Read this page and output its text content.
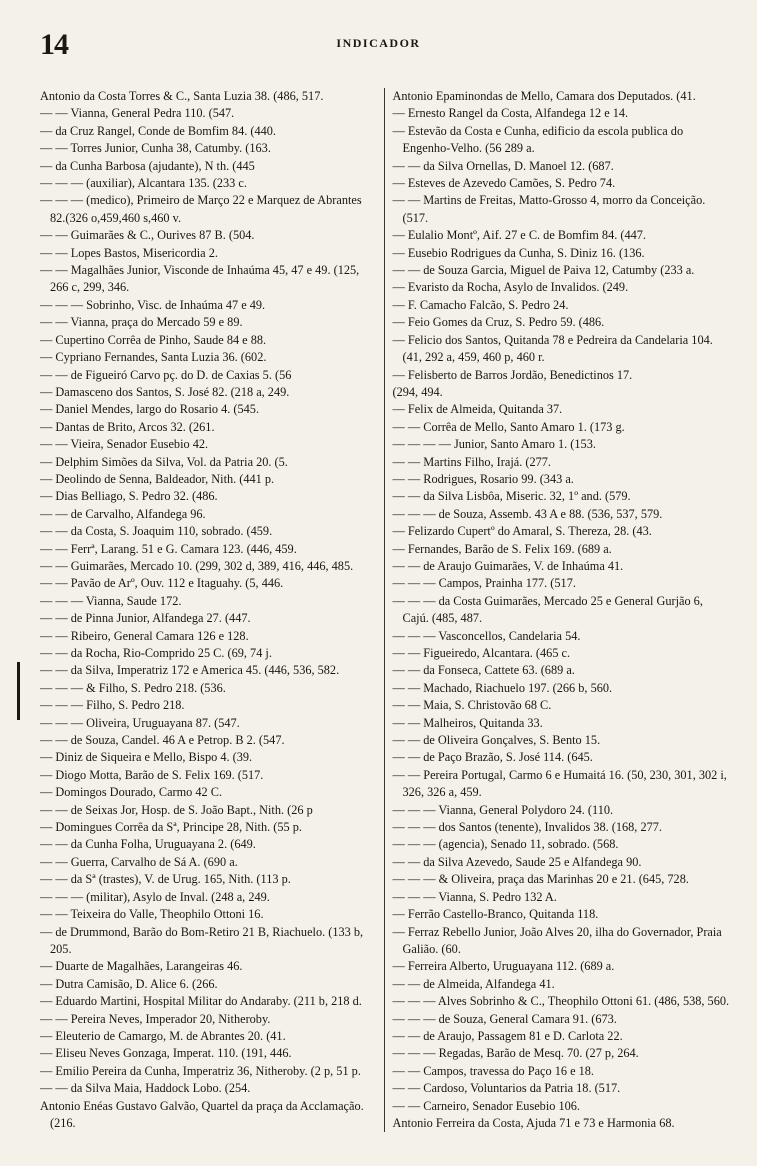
14	INDICADOR

Antonio da Costa Torres & C., Santa Luzia 38. (486, 517.

— — Vianna, General Pedra 110. (547.

— da Cruz Rangel, Conde de Bomfim 84. (440.

— — Torres Junior, Cunha 38, Catumby. (163.

— da Cunha Barbosa (ajudante), N th. (445

— — — (auxiliar), Alcantara 135. (233 c.

— — — (medico), Primeiro de Março 22 e Marquez de Abrantes 82.(326 o,459,460 s,460 v.

— — Guimarães & C., Ourives 87 B. (504.

— — Lopes Bastos, Misericordia 2.

— — Magalhães Junior, Visconde de Inhaúma 45, 47 e 49. (125, 266 c, 299, 346.

— — — Sobrinho, Visc. de Inhaúma 47 e 49.

— — Vianna, praça do Mercado 59 e 89.

— Cupertino Corrêa de Pinho, Saude 84 e 88.

— Cypriano Fernandes, Santa Luzia 36. (602.

— — de Figueiró Carvo pç. do D. de Caxias 5. (56

— Damasceno dos Santos, S. José 82. (218 a, 249.

— Daniel Mendes, largo do Rosario 4. (545.

— Dantas de Brito, Arcos 32. (261.

— — Vieira, Senador Eusebio 42.

— Delphim Simões da Silva, Vol. da Patria 20. (5.

— Deolindo de Senna, Baldeador, Nith. (441 p.

— Dias Belliago, S. Pedro 32. (486.

— — de Carvalho, Alfandega 96.

— — da Costa, S. Joaquim 110, sobrado. (459.

— — Ferrª, Larang. 51 e G. Camara 123. (446, 459.

— — Guimarães, Mercado 10. (299, 302 d, 389, 416, 446, 485.

— — Pavão de Arº, Ouv. 112 e Itaguahy. (5, 446.

— — — Vianna, Saude 172.

— — de Pinna Junior, Alfandega 27. (447.

— — Ribeiro, General Camara 126 e 128.

— — da Rocha, Rio-Comprido 25 C. (69, 74 j.

— — da Silva, Imperatriz 172 e America 45. (446, 536, 582.

— — — & Filho, S. Pedro 218. (536.

— — — Filho, S. Pedro 218.

— — — Oliveira, Uruguayana 87. (547.

— — de Souza, Candel. 46 A e Petrop. B 2. (547.

— Diniz de Siqueira e Mello, Bispo 4. (39.

— Diogo Motta, Barão de S. Felix 169. (517.

— Domingos Dourado, Carmo 42 C.

— — de Seixas Jor, Hosp. de S. João Bapt., Nith. (26 p

— Domingues Corrêa da Sª, Principe 28, Nith. (55 p.

— — da Cunha Folha, Uruguayana 2. (649.

— — Guerra, Carvalho de Sá A. (690 a.

— — da Sª (trastes), V. de Urug. 165, Nith. (113 p.

— — — (militar), Asylo de Inval. (248 a, 249.

— — Teixeira do Valle, Theophilo Ottoni 16.

— de Drummond, Barão do Bom-Retiro 21 B, Riachuelo. (133 b, 205.

— Duarte de Magalhães, Larangeiras 46.

— Dutra Camisão, D. Alice 6. (266.

— Eduardo Martini, Hospital Militar do Andaraby. (211 b, 218 d.

— — Pereira Neves, Imperador 20, Nitheroby.

— Eleuterio de Camargo, M. de Abrantes 20. (41.

— Eliseu Neves Gonzaga, Imperat. 110. (191, 446.

— Emilio Pereira da Cunha, Imperatriz 36, Nitheroby. (2 p, 51 p.

— — da Silva Maia, Haddock Lobo. (254.

Antonio Enéas Gustavo Galvão, Quartel da praça da Acclamação. (216.

Antonio Epaminondas de Mello, Camara dos Deputados. (41.

— Ernesto Rangel da Costa, Alfandega 12 e 14.

— Estevão da Costa e Cunha, edificio da escola publica do Engenho-Velho. (56 289 a.

— — da Silva Ornellas, D. Manoel 12. (687.

— Esteves de Azevedo Camões, S. Pedro 74.

— — Martins de Freitas, Matto-Grosso 4, morro da Conceição. (517.

— Eulalio Montº, Aif. 27 e C. de Bomfim 84. (447.

— Eusebio Rodrigues da Cunha, S. Diniz 16. (136.

— — de Souza Garcia, Miguel de Paiva 12, Catumby (233 a.

— Evaristo da Rocha, Asylo de Invalidos. (249.

— F. Camacho Falcão, S. Pedro 24.

— Feio Gomes da Cruz, S. Pedro 59. (486.

— Felicio dos Santos, Quitanda 78 e Pedreira da Candelaria 104. (41, 292 a, 459, 460 p, 460 r.

— Felisberto de Barros Jordão, Benedictinos 17.

(294, 494.

— Felix de Almeida, Quitanda 37.

— — Corrêa de Mello, Santo Amaro 1. (173 g.

— — — — Junior, Santo Amaro 1. (153.

— — Martins Filho, Irajá. (277.

— — Rodrigues, Rosario 99. (343 a.

— — da Silva Lisbôa, Miseric. 32, 1º and. (579.

— — — de Souza, Assemb. 43 A e 88. (536, 537, 579.

— Felizardo Cupertº do Amaral, S. Thereza, 28. (43.

— Fernandes, Barão de S. Felix 169. (689 a.

— — de Araujo Guimarães, V. de Inhaúma 41.

— — — Campos, Prainha 177. (517.

— — — da Costa Guimarães, Mercado 25 e General Gurjão 6, Cajú. (485, 487.

— — — Vasconcellos, Candelaria 54.

— — Figueiredo, Alcantara. (465 c.

— — da Fonseca, Cattete 63. (689 a.

— — Machado, Riachuelo 197. (266 b, 560.

— — Maia, S. Christovão 68 C.

— — Malheiros, Quitanda 33.

— — de Oliveira Gonçalves, S. Bento 15.

— — de Paço Brazão, S. José 114. (645.

— — Pereira Portugal, Carmo 6 e Humaitá 16. (50, 230, 301, 302 i, 326, 326 a, 459.

— — — Vianna, General Polydoro 24. (110.

— — — dos Santos (tenente), Invalidos 38. (168, 277.

— — — (agencia), Senado 11, sobrado. (568.

— — da Silva Azevedo, Saude 25 e Alfandega 90.

— — — & Oliveira, praça das Marinhas 20 e 21. (645, 728.

— — — Vianna, S. Pedro 132 A.

— Ferrão Castello-Branco, Quitanda 118.

— Ferraz Rebello Junior, João Alves 20, ilha do Governador, Praia Galião. (60.

— Ferreira Alberto, Uruguayana 112. (689 a.

— — de Almeida, Alfandega 41.

— — — Alves Sobrinho & C., Theophilo Ottoni 61. (486, 538, 560.

— — — de Souza, General Camara 91. (673.

— — de Araujo, Passagem 81 e D. Carlota 22.

— — — Regadas, Barão de Mesq. 70. (27 p, 264.

— — Campos, travessa do Paço 16 e 18.

— — Cardoso, Voluntarios da Patria 18. (517.

— — Carneiro, Senador Eusebio 106.

Antonio Ferreira da Costa, Ajuda 71 e 73 e Harmonia 68.
